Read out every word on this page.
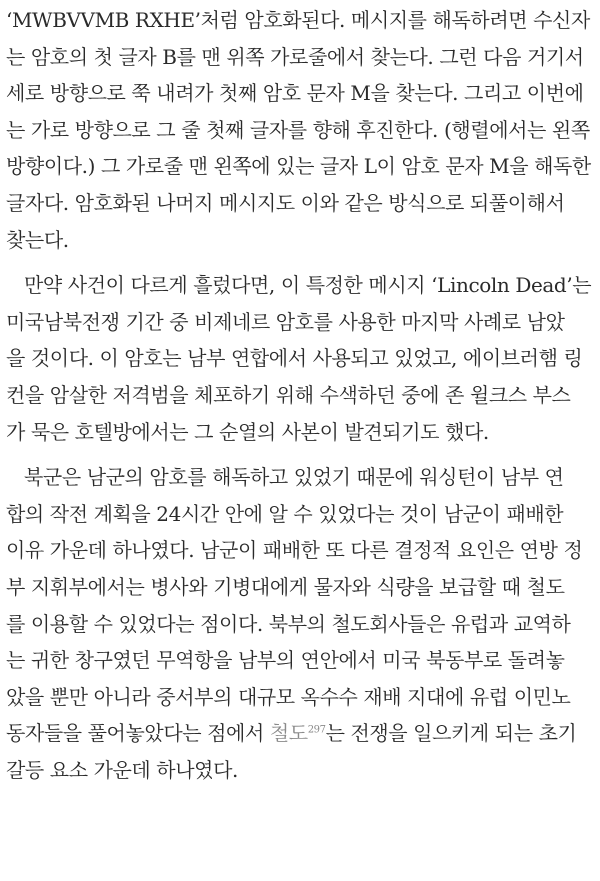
‘MWBVVMB RXHE’처럼 암호화된다. 메시지를 해독하려면 수신자
는 암호의 첫 글자 B를 맨 위쪽 가로줄에서 찾는다. 그런 다음 거기서
세로 방향으로 쭉 내려가 첫째 암호 문자 M을 찾는다. 그리고 이번에
는 가로 방향으로 그 줄 첫째 글자를 향해 후진한다. (행렬에서는 왼쪽
방향이다.) 그 가로줄 맨 왼쪽에 있는 글자 L이 암호 문자 M을 해독한
글자다. 암호화된 나머지 메시지도 이와 같은 방식으로 되풀이해서
찾는다.
만약 사건이 다르게 흘렀다면, 이 특정한 메시지 ‘Lincoln Dead’는
미국남북전쟁 기간 중 비제네르 암호를 사용한 마지막 사례로 남았
을 것이다. 이 암호는 남부 연합에서 사용되고 있었고, 에이브러햄 링
컨을 암살한 저격범을 체포하기 위해 수색하던 중에 존 윌크스 부스
가 묵은 호텔방에서는 그 순열의 사본이 발견되기도 했다.
북군은 남군의 암호를 해독하고 있었기 때문에 워싱턴이 남부 연
합의 작전 계획을 24시간 안에 알 수 있었다는 것이 남군이 패배한
이유 가운데 하나였다. 남군이 패배한 또 다른 결정적 요인은 연방 정
부 지휘부에서는 병사와 기병대에게 물자와 식량을 보급할 때 철도
를 이용할 수 있었다는 점이다. 북부의 철도회사들은 유럽과 교역하
는 귀한 창구였던 무역항을 남부의 연안에서 미국 북동부로 돌려놓
았을 뿐만 아니라 중서부의 대규모 옥수수 재배 지대에 유럽 이민노
동자들을 풀어놓았다는 점에서 철도$^{297}$는 전쟁을 일으키게 되는 초기
갈등 요소 가운데 하나였다.
